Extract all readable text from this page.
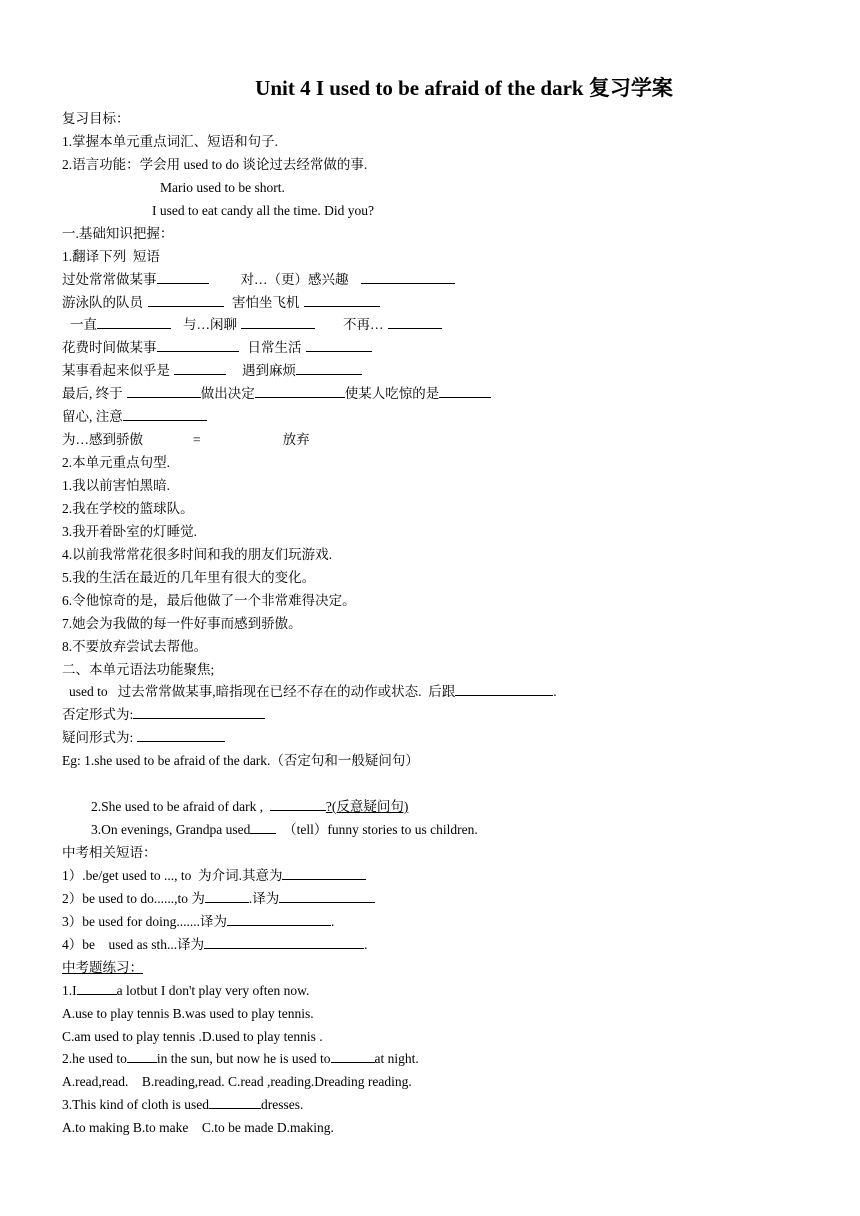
Unit 4 I used to be afraid of the dark 复习学案
复习目标：
1.掌握本单元重点词汇、短语和句子.
2.语言功能：学会用 used to do 谈论过去经常做的事.
Mario used to be short.
I used to eat candy all the time. Did you?
一.基础知识把握：
1.翻译下列  短语
过处常常做某事	对…（更）感兴趣
游泳队的队员	害怕坐飞机
一直	与…闲聊	不再…
花费时间做某事	日常生活
某事看起来似乎是	遇到麻烦
最后, 终于	做出决定	使某人吃惊的是
留心, 注意
为…感到骄傲	=	放弃
2.本单元重点句型.
1.我以前害怕黑暗.
2.我在学校的篮球队。
3.我开着卧室的灯睡觉.
4.以前我常常花很多时间和我的朋友们玩游戏.
5.我的生活在最近的几年里有很大的变化。
6.令他惊奇的是，最后他做了一个非常难得决定。
7.她会为我做的每一件好事而感到骄傲。
8.不要放弃尝试去帮他。
二、本单元语法功能聚焦;
used to   过去常常做某事,暗指现在已经不存在的动作或状态.  后跟	.
否定形式为:
疑问形式为:
Eg: 1.she used to be afraid of the dark.（否定句和一般疑问句）
2.She used to be afraid of dark ,	?(反意疑问句)
3.On evenings, Grandpa used  （tell）funny stories to us children.
中考相关短语：
1）.be/get used to ..., to  为介词.其意为
2）be used to do......,to 为	.译为
3）be used for doing.......译为	.
4）be    used as sth...译为	.
中考题练习：
1.I	a lotbut I don't play very often now.
A.use to play tennis B.was used to play tennis.
C.am used to play tennis .D.used to play tennis .
2.he used to in the sun, but now he is used to	at night.
A.read,read.    B.reading,read. C.read ,reading.Dreading reading.
3.This kind of cloth is used	dresses.
A.to making B.to make    C.to be made D.making.
